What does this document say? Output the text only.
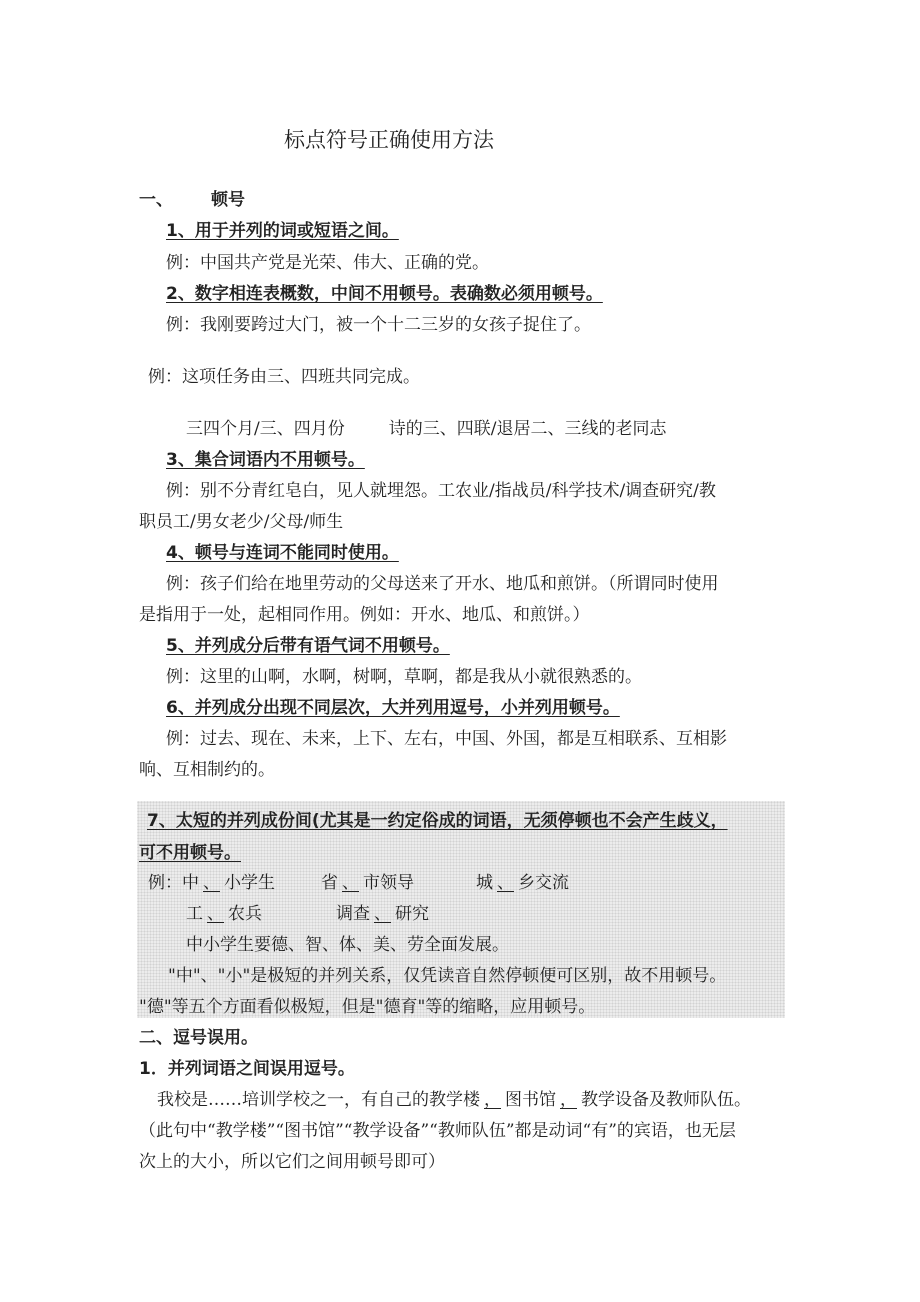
标点符号正确使用方法
一、 顿号
1、用于并列的词或短语之间。
例：中国共产党是光荣、伟大、正确的党。
2、数字相连表概数，中间不用顿号。表确数必须用顿号。
例：我刚要跨过大门，被一个十二三岁的女孩子捉住了。
例：这项任务由三、四班共同完成。
三四个月/三、四月份	诗的三、四联/退居二、三线的老同志
3、集合词语内不用顿号。
例：别不分青红皂白，见人就埋怨。工农业/指战员/科学技术/调查研究/教
职员工/男女老少/父母/师生
4、顿号与连词不能同时使用。
例：孩子们给在地里劳动的父母送来了开水、地瓜和煎饼。（所谓同时使用
是指用于一处，起相同作用。例如：开水、地瓜、和煎饼。）
5、并列成分后带有语气词不用顿号。
例：这里的山啊，水啊，树啊，草啊，都是我从小就很熟悉的。
6、并列成分出现不同层次，大并列用逗号，小并列用顿号。
例：过去、现在、未来，上下、左右，中国、外国，都是互相联系、互相影
响、互相制约的。
7、太短的并列成份间(尤其是一约定俗成的词语，无须停顿也不会产生歧义，
可不用顿号。
例：中 、 小学生	省 、 市领导	城 、 乡交流
工 、 农兵	调查 、 研究
中小学生要德、智、体、美、劳全面发展。
"中"、"小"是极短的并列关系，仅凭读音自然停顿便可区别，故不用顿号。
"德"等五个方面看似极短，但是"德育"等的缩略，应用顿号。
二、逗号误用。
1．并列词语之间误用逗号。
我校是……培训学校之一，有自己的教学楼 ， 图书馆 ， 教学设备及教师队伍。
（此句中“教学楼”“图书馆”“教学设备”“教师队伍”都是动词“有”的宾语，也无层
次上的大小，所以它们之间用顿号即可）
